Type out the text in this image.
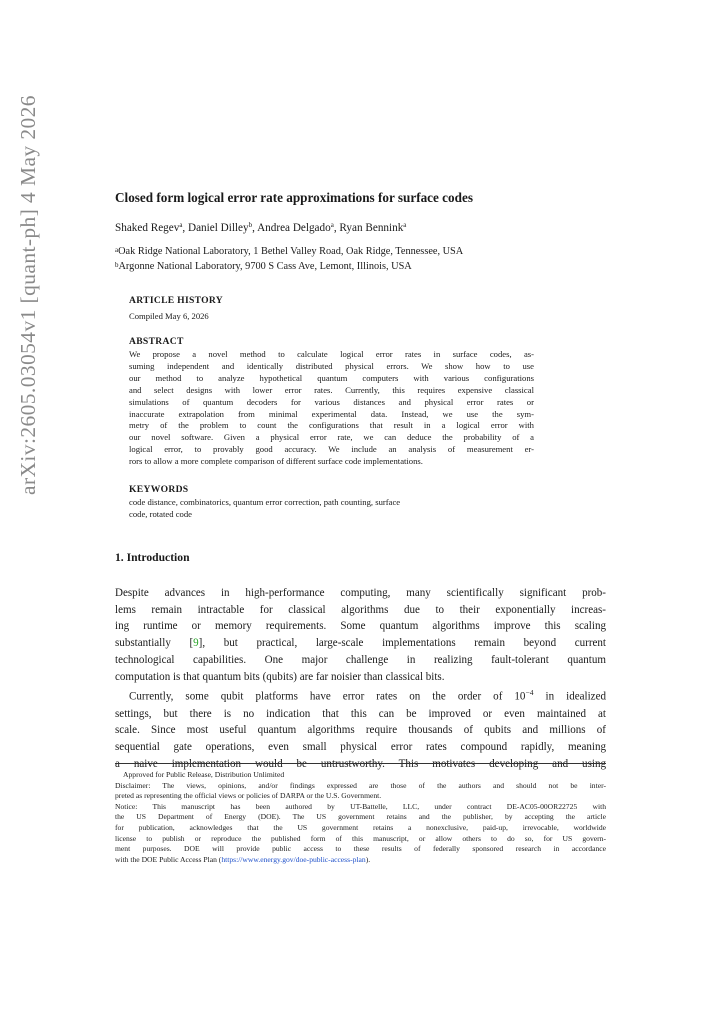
arXiv:2605.03054v1 [quant-ph] 4 May 2026	Closed form logical error rate approximations for surface codes
Shaked Regev$^a$, Daniel Dilley$^b$, Andrea Delgado$^a$, Ryan Bennink$^a$
$^a$Oak Ridge National Laboratory, 1 Bethel Valley Road, Oak Ridge, Tennessee, USA
$^b$Argonne National Laboratory, 9700 S Cass Ave, Lemont, Illinois, USA
ARTICLE HISTORY
Compiled May 6, 2026
ABSTRACT
We propose a novel method to calculate logical error rates in surface codes, as-
suming independent and identically distributed physical errors. We show how to use
our method to analyze hypothetical quantum computers with various configurations
and select designs with lower error rates. Currently, this requires expensive classical
simulations of quantum decoders for various distances and physical error rates or
inaccurate extrapolation from minimal experimental data. Instead, we use the sym-
metry of the problem to count the configurations that result in a logical error with
our novel software. Given a physical error rate, we can deduce the probability of a
logical error, to provably good accuracy. We include an analysis of measurement er-
rors to allow a more complete comparison of different surface code implementations.
KEYWORDS
code distance, combinatorics, quantum error correction, path counting, surface
code, rotated code
1. Introduction
Despite advances in high-performance computing, many scientifically significant prob-
lems remain intractable for classical algorithms due to their exponentially increas-
ing runtime or memory requirements. Some quantum algorithms improve this scaling
substantially [9], but practical, large-scale implementations remain beyond current
technological capabilities. One major challenge in realizing fault-tolerant quantum
computation is that quantum bits (qubits) are far noisier than classical bits.
Currently, some qubit platforms have error rates on the order of $10^{-4}$ in idealized
settings, but there is no indication that this can be improved or even maintained at
scale. Since most useful quantum algorithms require thousands of qubits and millions of
sequential gate operations, even small physical error rates compound rapidly, meaning
a naive implementation would be untrustworthy. This motivates developing and using
Approved for Public Release, Distribution Unlimited
Disclaimer: The views, opinions, and/or findings expressed are those of the authors and should not be inter-
preted as representing the official views or policies of DARPA or the U.S. Government.
Notice: This manuscript has been authored by UT-Battelle, LLC, under contract DE-AC05-00OR22725 with
the US Department of Energy (DOE). The US government retains and the publisher, by accepting the article
for publication, acknowledges that the US government retains a nonexclusive, paid-up, irrevocable, worldwide
license to publish or reproduce the published form of this manuscript, or allow others to do so, for US govern-
ment purposes. DOE will provide public access to these results of federally sponsored research in accordance
with the DOE Public Access Plan (https://www.energy.gov/doe-public-access-plan).
